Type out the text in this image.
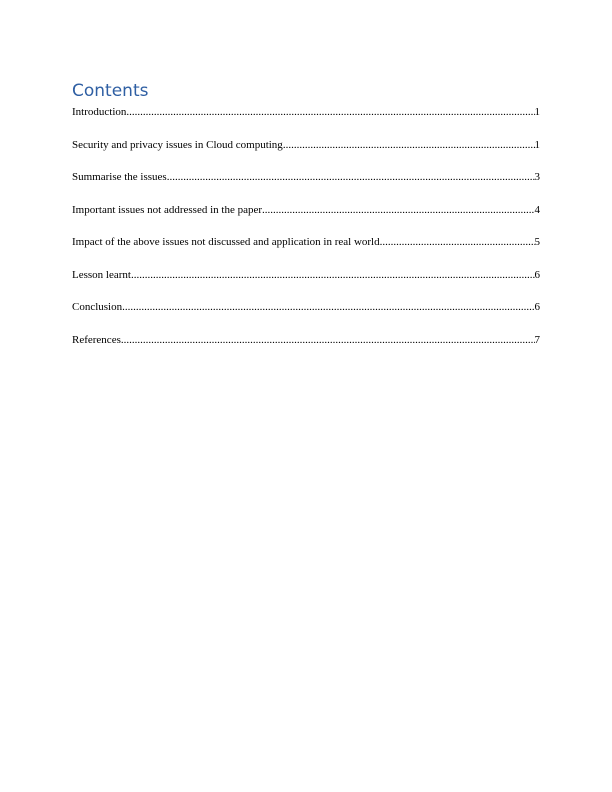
Contents
Introduction .....	1
Security and privacy issues in Cloud computing .....	1
Summarise the issues .....	3
Important issues not addressed in the paper .....	4
Impact of the above issues not discussed and application in real world .....	5
Lesson learnt .....	6
Conclusion .....	6
References .....	7
